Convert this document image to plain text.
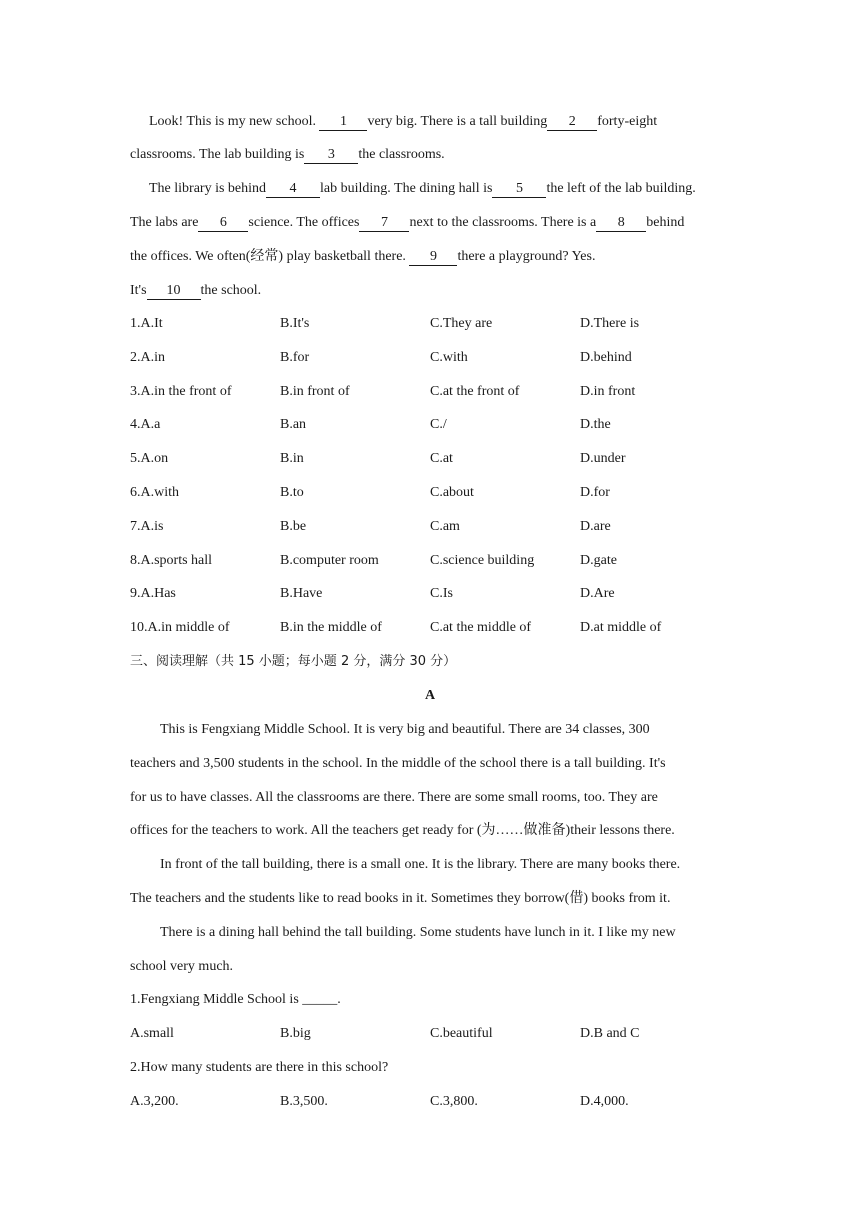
Look! This is my new school. 1 very big. There is a tall building 2 forty-eight
classrooms. The lab building is 3 the classrooms.
The library is behind 4 lab building. The dining hall is 5 the left of the lab building.
The labs are 6 science. The offices 7 next to the classrooms. There is a 8 behind
the offices. We often(经常) play basketball there. 9 there a playground? Yes.
It's 10 the school.
1.A.It	B.It's	C.They are	D.There is
2.A.in	B.for	C.with	D.behind
3.A.in the front of	B.in front of	C.at the front of	D.in front
4.A.a	B.an	C./	D.the
5.A.on	B.in	C.at	D.under
6.A.with	B.to	C.about	D.for
7.A.is	B.be	C.am	D.are
8.A.sports hall	B.computer room	C.science building	D.gate
9.A.Has	B.Have	C.Is	D.Are
10.A.in middle of	B.in the middle of	C.at the middle of	D.at middle of
三、阅读理解（共 15 小题；每小题 2 分，满分 30 分）
A
This is Fengxiang Middle School. It is very big and beautiful. There are 34 classes, 300
teachers and 3,500 students in the school. In the middle of the school there is a tall building. It's
for us to have classes. All the classrooms are there. There are some small rooms, too. They are
offices for the teachers to work. All the teachers get ready for (为……做准备)their lessons there.
In front of the tall building, there is a small one. It is the library. There are many books there.
The teachers and the students like to read books in it. Sometimes they borrow(借) books from it.
There is a dining hall behind the tall building. Some students have lunch in it. I like my new
school very much.
1.Fengxiang Middle School is _____.
A.small	B.big	C.beautiful	D.B and C
2.How many students are there in this school?
A.3,200.	B.3,500.	C.3,800.	D.4,000.
